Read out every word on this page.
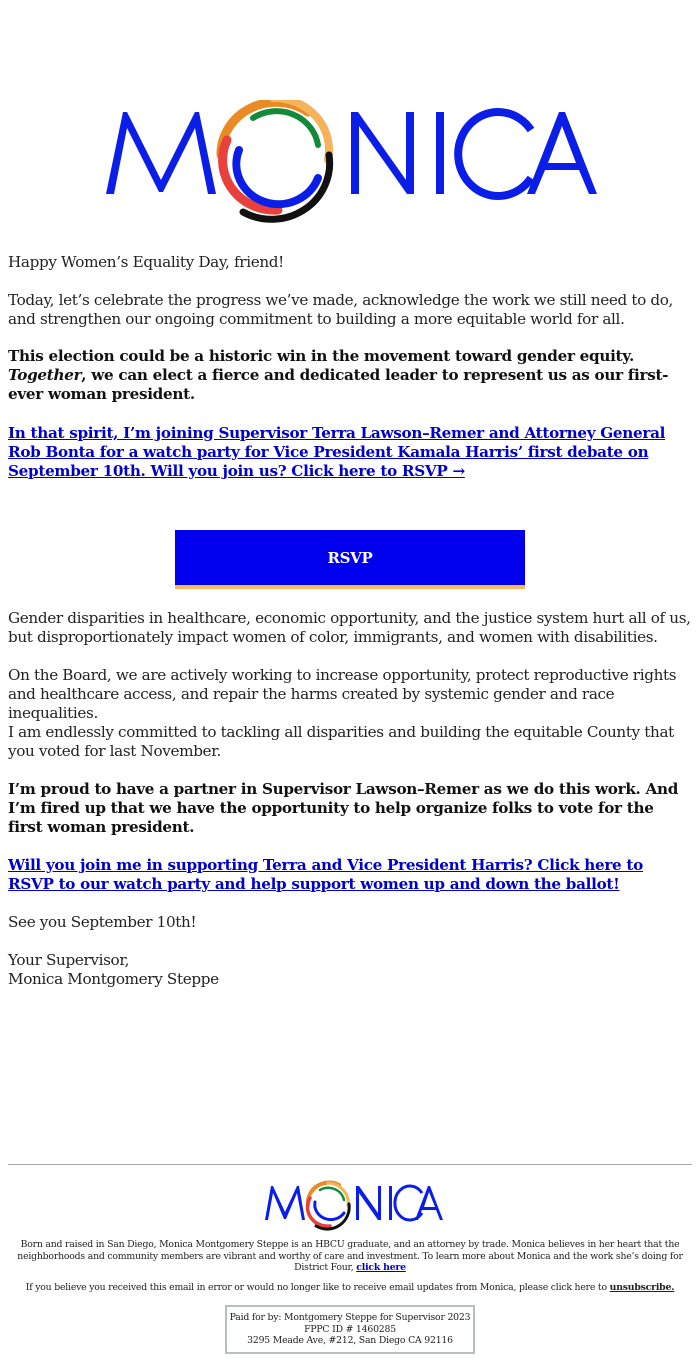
Happy Women’s Equality Day, friend!

Today, let’s celebrate the progress we’ve made, acknowledge the work we still need to do, and strengthen our ongoing commitment to building a more equitable world for all.

This election could be a historic win in the movement toward gender equity.
Together, we can elect a fierce and dedicated leader to represent us as our first-ever woman president.

In that spirit, I’m joining Supervisor Terra Lawson–Remer and Attorney General Rob Bonta for a watch party for Vice President Kamala Harris’ first debate on September 10th. Will you join us? Click here to RSVP →

RSVP

Gender disparities in healthcare, economic opportunity, and the justice system hurt all of us, but disproportionately impact women of color, immigrants, and women with disabilities.

On the Board, we are actively working to increase opportunity, protect reproductive rights and healthcare access, and repair the harms created by systemic gender and race inequalities.

I am endlessly committed to tackling all disparities and building the equitable County that you voted for last November.

I’m proud to have a partner in Supervisor Lawson–Remer as we do this work. And I’m fired up that we have the opportunity to help organize folks to vote for the first woman president.

Will you join me in supporting Terra and Vice President Harris? Click here to RSVP to our watch party and help support women up and down the ballot!

See you September 10th!

Your Supervisor,

Monica Montgomery Steppe

Born and raised in San Diego, Monica Montgomery Steppe is an HBCU graduate, and an attorney by trade. Monica believes in her heart that the neighborhoods and community members are vibrant and worthy of care and investment. To learn more about Monica and the work she’s doing for District Four, click here

If you believe you received this email in error or would no longer like to receive email updates from Monica, please click here to unsubscribe.

Paid for by: Montgomery Steppe for Supervisor 2023
FPPC ID # 1460285
3295 Meade Ave, #212, San Diego CA 92116
